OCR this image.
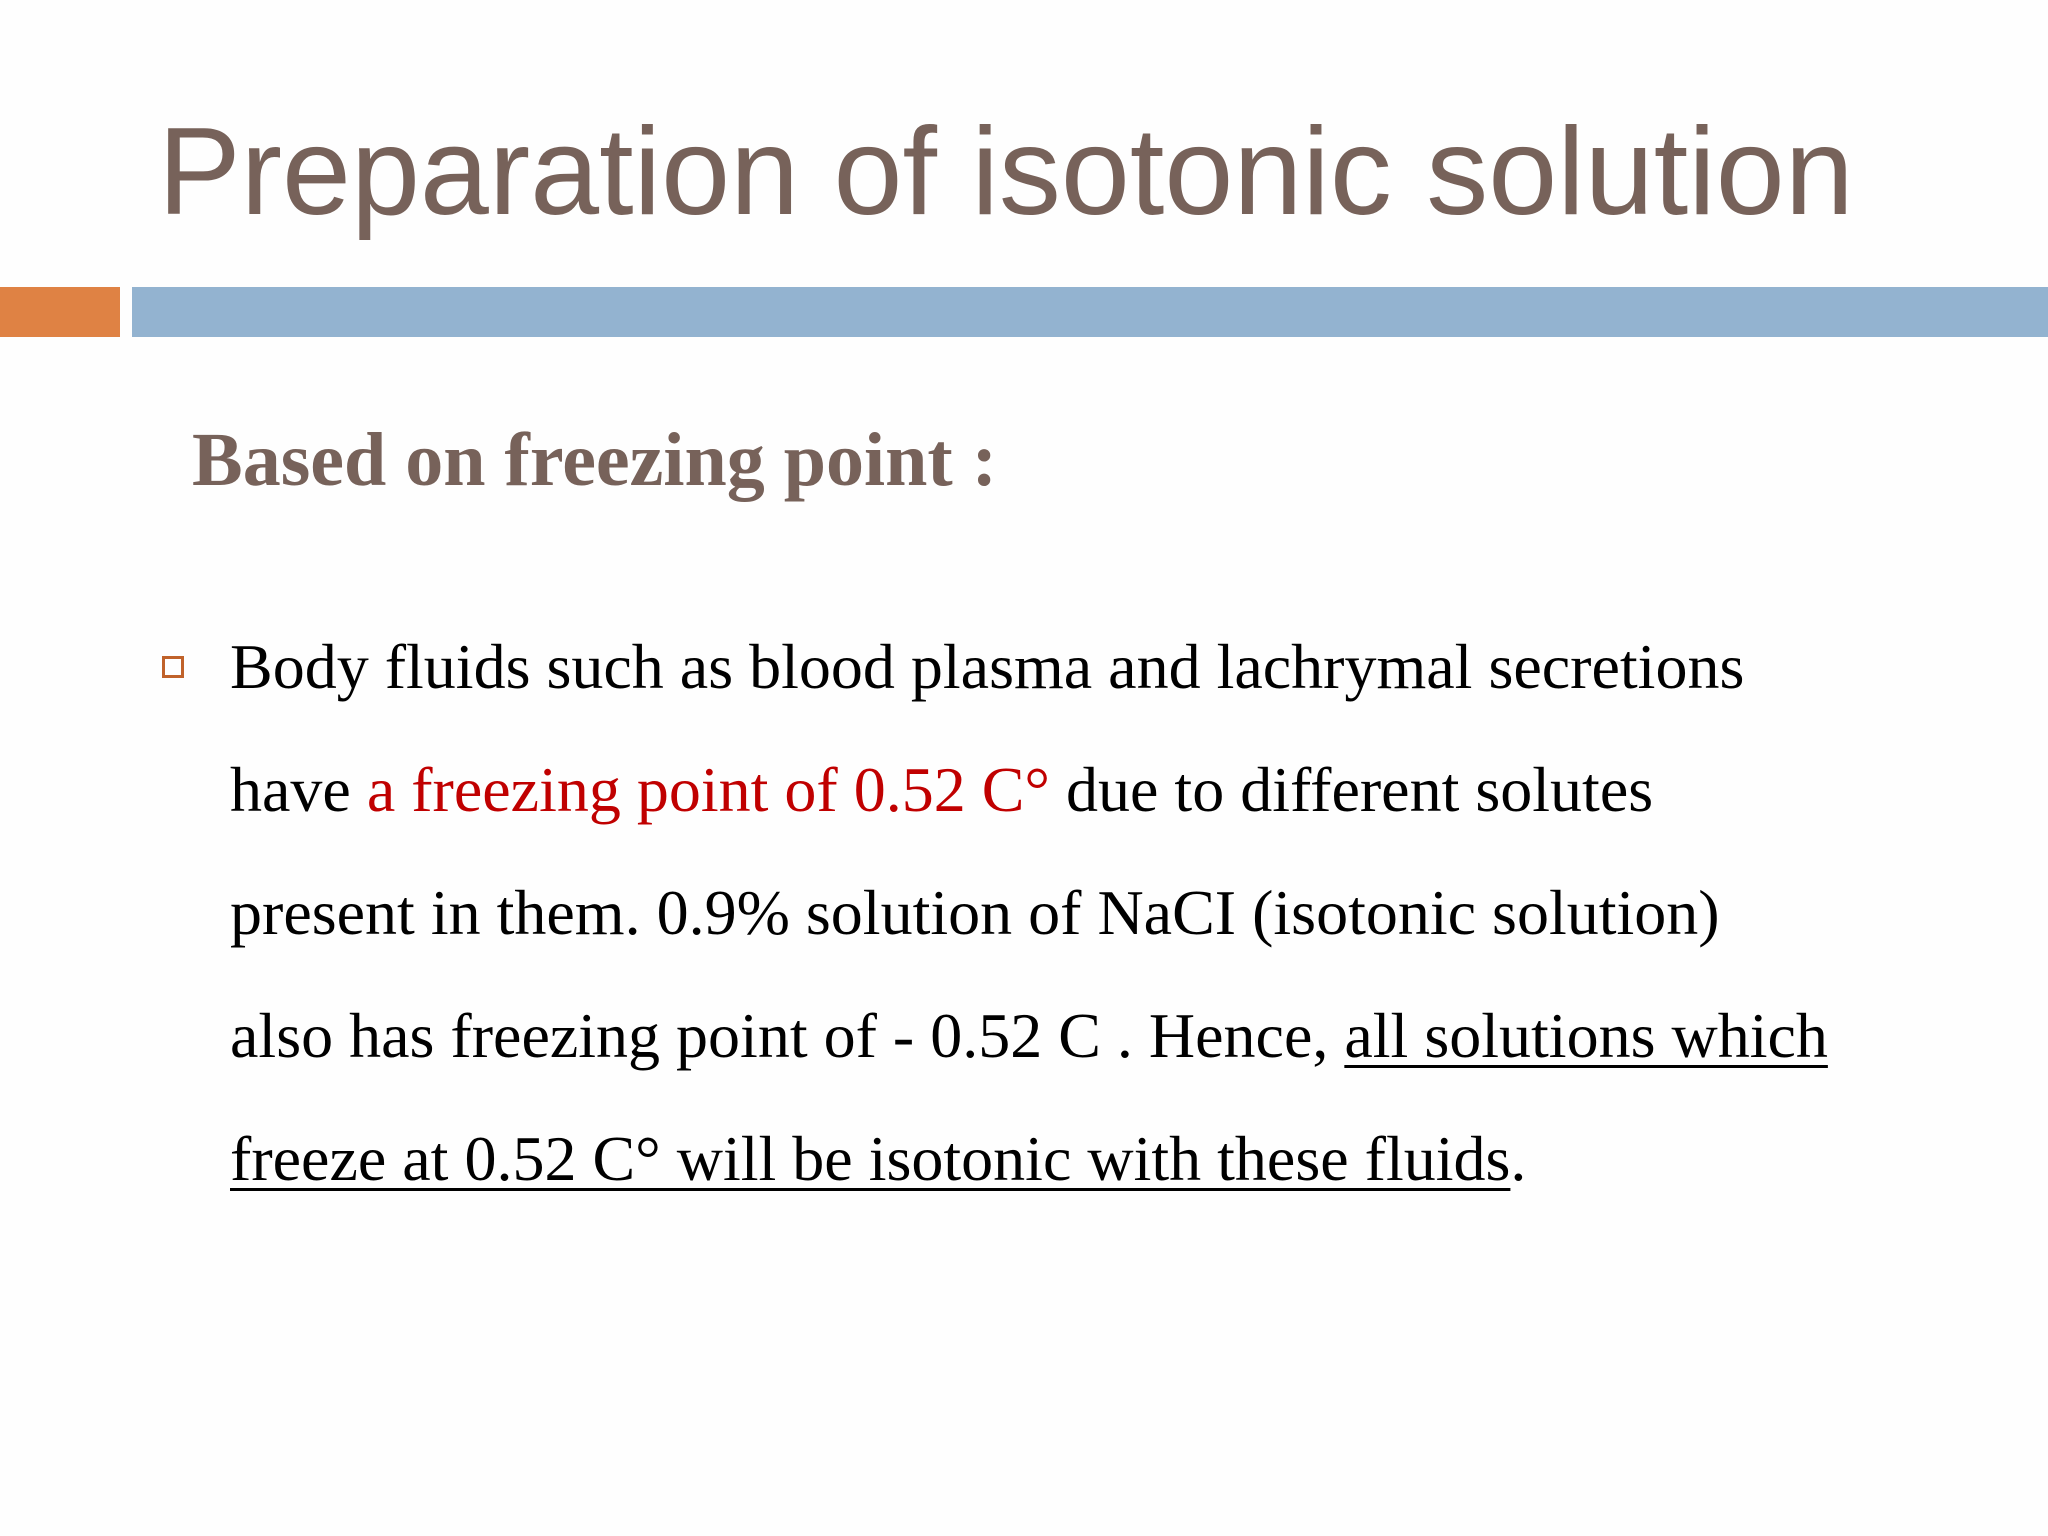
Preparation of isotonic solution
Based on freezing point :

Body fluids such as blood plasma and lachrymal secretions
have a freezing point of 0.52 C° due to different solutes
present in them. 0.9% solution of NaCI (isotonic solution)
also has freezing point of - 0.52 C . Hence, all solutions which
freeze at 0.52 C° will be isotonic with these fluids.
